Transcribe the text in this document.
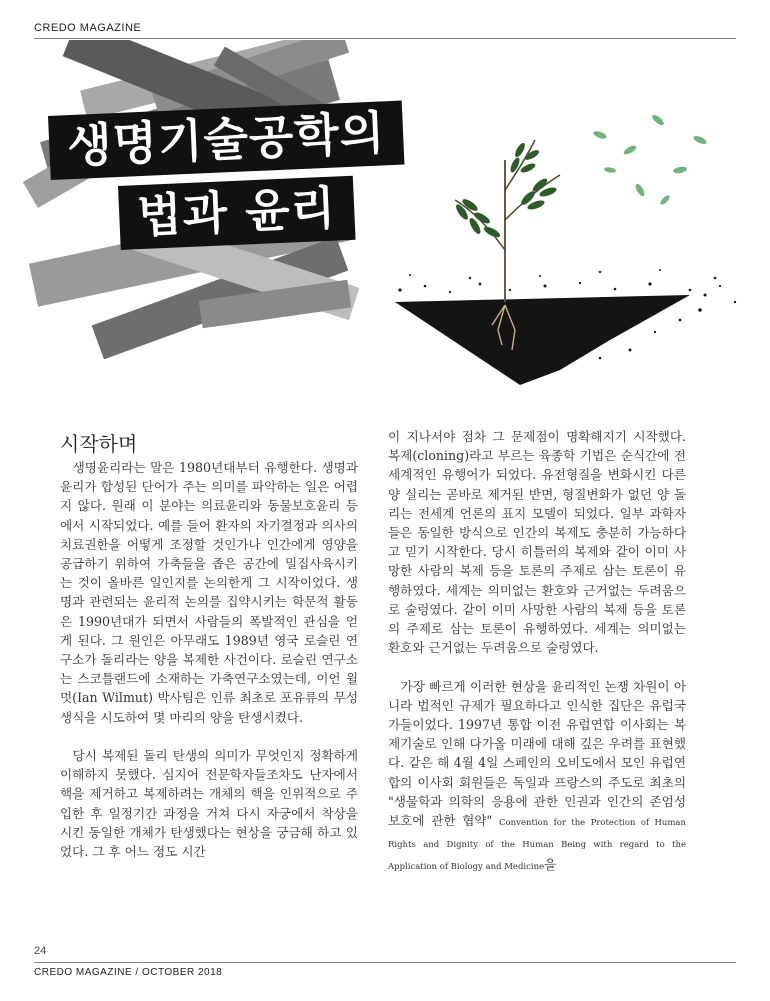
CREDO MAGAZINE
생명기술공학의
법과 윤리
시작하며

생명윤리라는 말은 1980년대부터 유행한다. 생명과 윤리가 합성된 단어가 주는 의미를 파악하는 일은 어렵지 않다. 원래 이 분야는 의료윤리와 동물보호윤리 등에서 시작되었다. 예를 들어 환자의 자기결정과 의사의 치료권한을 어떻게 조정할 것인가나 인간에게 영양을 공급하기 위하여 가축들을 좁은 공간에 밀집사육시키는 것이 올바른 일인지를 논의한게 그 시작이었다. 생명과 관련되는 윤리적 논의를 집약시키는 학문적 활동은 1990년대가 되면서 사람들의 폭발적인 관심을 얻게 된다. 그 원인은 아무래도 1989년 영국 로슬린 연구소가 돌리라는 양을 복제한 사건이다. 로슬린 연구소는 스코틀랜드에 소재하는 가축연구소였는데, 이언 윌멋(Ian Wilmut) 박사팀은 인류 최초로 포유류의 무성생식을 시도하여 몇 마리의 양을 탄생시켰다.

당시 복제된 돌리 탄생의 의미가 무엇인지 정확하게 이해하지 못했다. 심지어 전문학자들조차도 난자에서 핵을 제거하고 복제하려는 개체의 핵을 인위적으로 주입한 후 일정기간 과정을 거쳐 다시 자궁에서 착상을 시킨 동일한 개체가 탄생했다는 현상을 궁금해 하고 있었다. 그 후 어느 정도 시간

이 지나서야 점차 그 문제점이 명확해지기 시작했다. 복제(cloning)라고 부르는 육종학 기법은 순식간에 전세계적인 유행어가 되었다. 유전형질을 변화시킨 다른 양 실리는 곧바로 제거된 반면, 형질변화가 없던 양 돌리는 전세계 언론의 표지 모델이 되었다. 일부 과학자들은 동일한 방식으로 인간의 복제도 충분히 가능하다고 믿기 시작한다. 당시 히틀러의 복제와 같이 이미 사망한 사람의 복제 등을 토론의 주제로 삼는 토론이 유행하였다. 세계는 의미없는 환호와 근거없는 두려움으로 술렁였다. 같이 이미 사망한 사람의 복제 등을 토론의 주제로 삼는 토론이 유행하였다. 세계는 의미없는 환호와 근거없는 두려움으로 술렁였다.

가장 빠르게 이러한 현상을 윤리적인 논쟁 차원이 아니라 법적인 규제가 필요하다고 인식한 집단은 유럽국가들이었다. 1997년 통합 이전 유럽연합 이사회는 복제기술로 인해 다가올 미래에 대해 깊은 우려를 표현했다. 같은 해 4월 4일 스페인의 오비도에서 모인 유럽연합의 이사회 회원들은 독일과 프랑스의 주도로 최초의 "생물학과 의학의 응용에 관한 인권과 인간의 존엄성 보호에 관한 협약" Convention for the Protection of Human Rights and Dignity of the Human Being with regard to the Application of Biology and Medicine을

24
CREDO MAGAZINE / OCTOBER 2018
